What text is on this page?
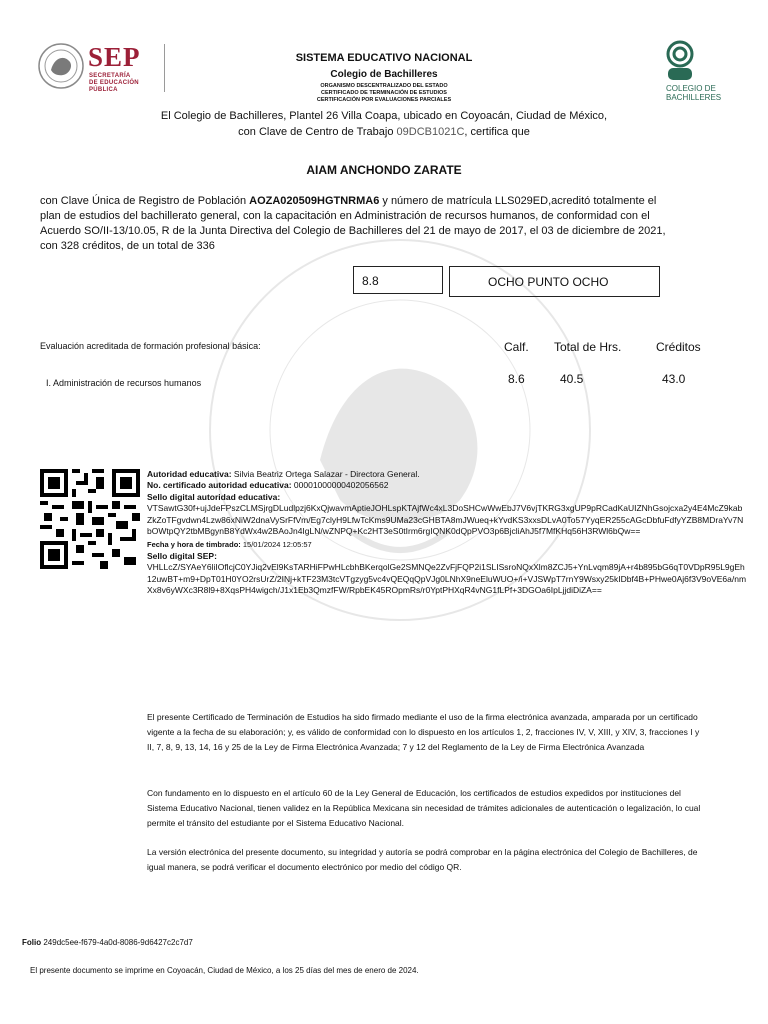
SEP
SECRETARÍA
DE EDUCACIÓN
PÚBLICA	COLEGIO DE
BACHILLERES
SISTEMA EDUCATIVO NACIONAL
Colegio de Bachilleres
ORGANISMO DESCENTRALIZADO DEL ESTADO
CERTIFICADO DE TERMINACIÓN DE ESTUDIOS
CERTIFICACIÓN POR EVALUACIONES PARCIALES
El Colegio de Bachilleres, Plantel 26 Villa Coapa, ubicado en Coyoacán, Ciudad de México,
con Clave de Centro de Trabajo 09DCB1021C, certifica que
AIAM ANCHONDO ZARATE
con Clave Única de Registro de Población AOZA020509HGTNRMA6 y número de matrícula LLS029ED,acreditó totalmente el plan de estudios del bachillerato general, con la capacitación en Administración de recursos humanos, de conformidad con el Acuerdo SO/II-13/10.05, R de la Junta Directiva del Colegio de Bachilleres del 21 de mayo de 2017, el 03 de diciembre de 2021, con 328 créditos, de un total de 336
8.8	OCHO PUNTO OCHO
Evaluación acreditada de formación profesional básica:	Calf. Total de Hrs.	Créditos
I. Administración de recursos humanos	8.6	40.5	43.0
Autoridad educativa: Silvia Beatriz Ortega Salazar - Directora General.
No. certificado autoridad educativa: 00001000000402056562
Sello digital autoridad educativa:
VTSawtG30f+ujJdeFPszCLMSjrgDLudlpzj6KxQjwavmAptieJOHLspKTAjfWc4xL3DoSHCwWwEbJ7V6vjTKRG3xgUP9pRCadKaUIZNhGsojcxa2y4E4McZ9kabZkZoTFgvdwn4Lzw86xNiW2dnaVySrFfVm/Eg7clyH9LfwTcKms9UMa23cGHBTA8mJWueq+kYvdKS3xxsDLvA0To57YyqER255cAGcDbfuFdfyYZB8MDraYv7NbOWtpQY2tbMBgynB8YdWx4w2BAoJn4IgLN/wZNPQ+Kc2HT3eS0tIrm6rgIQNK0dQpPVO3p6BjcliAhJ5f7MfKHq56H3RWl6bQw==
Fecha y hora de timbrado: 15/01/2024 12:05:57
Sello digital SEP:
VHLLcZ/SYAeY6liIOflcjC0YJiq2vEl9KsTARHiFPwHLcbhBKerqolGe2SMNQe2ZvFjFQP2i1SLISsroNQxXlm8ZCJ5+YnLvqm89jA+r4b895bG6qT0VDpR95L9gEh12uwBT+m9+DpT01H0YO2rsUrZ/2INj+kTF23M3tcVTgzyg5vc4vQEQqQpVJg0LNhX9neEluWUO+/i+VJSWpT7rnY9Wsxy25kIDbf4B+PHwe0Aj6f3V9oVE6a/nmXx8v6yWXc3R8l9+8XqsPH4wigch/J1x1Eb3QmzfFW/RpbEK45ROpmRs/r0YptPHXqR4vNG1fLPf+3DGOa6IpLjjdiDiZA==
El presente Certificado de Terminación de Estudios ha sido firmado mediante el uso de la firma electrónica avanzada, amparada por un certificado vigente a la fecha de su elaboración; y, es válido de conformidad con lo dispuesto en los artículos 1, 2, fracciones IV, V, XIII, y XIV, 3, fracciones I y II, 7, 8, 9, 13, 14, 16 y 25 de la Ley de Firma Electrónica Avanzada; 7 y 12 del Reglamento de la Ley de Firma Electrónica Avanzada
Con fundamento en lo dispuesto en el artículo 60 de la Ley General de Educación, los certificados de estudios expedidos por instituciones del Sistema Educativo Nacional, tienen validez en la República Mexicana sin necesidad de trámites adicionales de autenticación o legalización, lo cual permite el tránsito del estudiante por el Sistema Educativo Nacional.
La versión electrónica del presente documento, su integridad y autoría se podrá comprobar en la página electrónica del Colegio de Bachilleres, de igual manera, se podrá verificar el documento electrónico por medio del código QR.
Folio 249dc5ee-f679-4a0d-8086-9d6427c2c7d7
El presente documento se imprime en Coyoacán, Ciudad de México, a los 25 días del mes de enero de 2024.
